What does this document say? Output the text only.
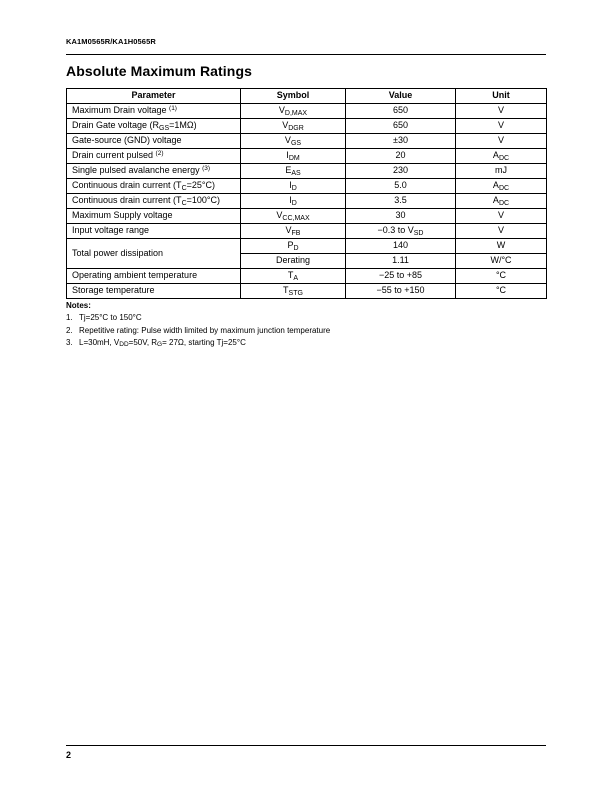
KA1M0565R/KA1H0565R
Absolute Maximum Ratings
Parameter	Symbol	Value	Unit
Maximum Drain voltage $^{(1)}$	$V_{D,MAX}$	650	V
Drain Gate voltage $(R_{GS}=1M\Omega)$	$V_{DGR}$	650	V
Gate-source (GND) voltage	$V_{GS}$	±30	V
Drain current pulsed $^{(2)}$	$I_{DM}$	20	$A_{DC}$
Single pulsed avalanche energy $^{(3)}$	$E_{AS}$	230	mJ
Continuous drain current $(T_C=25^\circ C)$	$I_D$	5.0	$A_{DC}$
Continuous drain current $(T_C=100^\circ C)$	$I_D$	3.5	$A_{DC}$
Maximum Supply voltage	$V_{CC,MAX}$	30	V
Input voltage range	$V_{FB}$	−0.3 to $V_{SD}$	V
Total power dissipation	$P_D$	140	W
	Derating	1.11	W/°C
Operating ambient temperature	$T_A$	−25 to +85	°C
Storage temperature	$T_{STG}$	−55 to +150	°C
Notes:
1. Tj=25°C to 150°C
2. Repetitive rating: Pulse width limited by maximum junction temperature
3. L=30mH, $V_{DD}=50V$, $R_G= 27\Omega$, starting Tj=25°C
2
